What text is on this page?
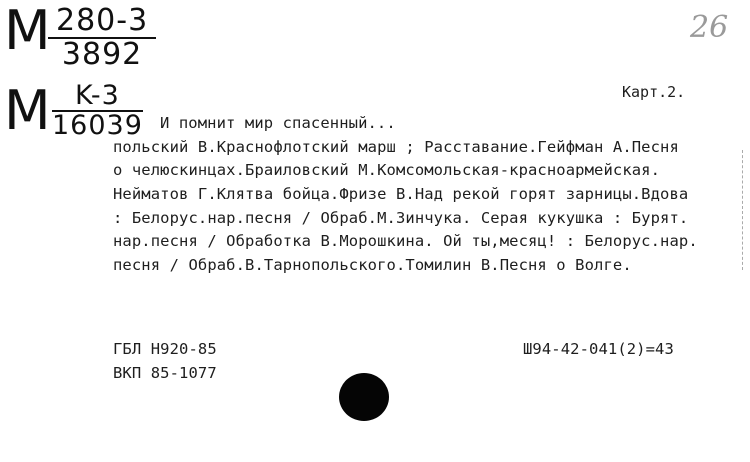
M
$\frac{280-3}{3892}$	26
M $\frac{K-3}{16039}$	Карт.2.
И помнит мир спасенный...
польский В.Краснофлотский марш ; Расставание.Гейфман А.Песня
о челюскинцах.Браиловский М.Комсомольская-красноармейская.
Нейматов Г.Клятва бойца.Фризе В.Над рекой горят зарницы.Вдова
: Белорус.нар.песня / Обраб.М.Зинчука. Серая кукушка : Бурят.
нар.песня / Обработка В.Морошкина. Ой ты,месяц! : Белорус.нар.
песня / Обраб.В.Тарнопольского.Томилин В.Песня о Волге.
ГБЛ Н920-85
ВКП 85-1077
Ш94-42-041(2)=43
